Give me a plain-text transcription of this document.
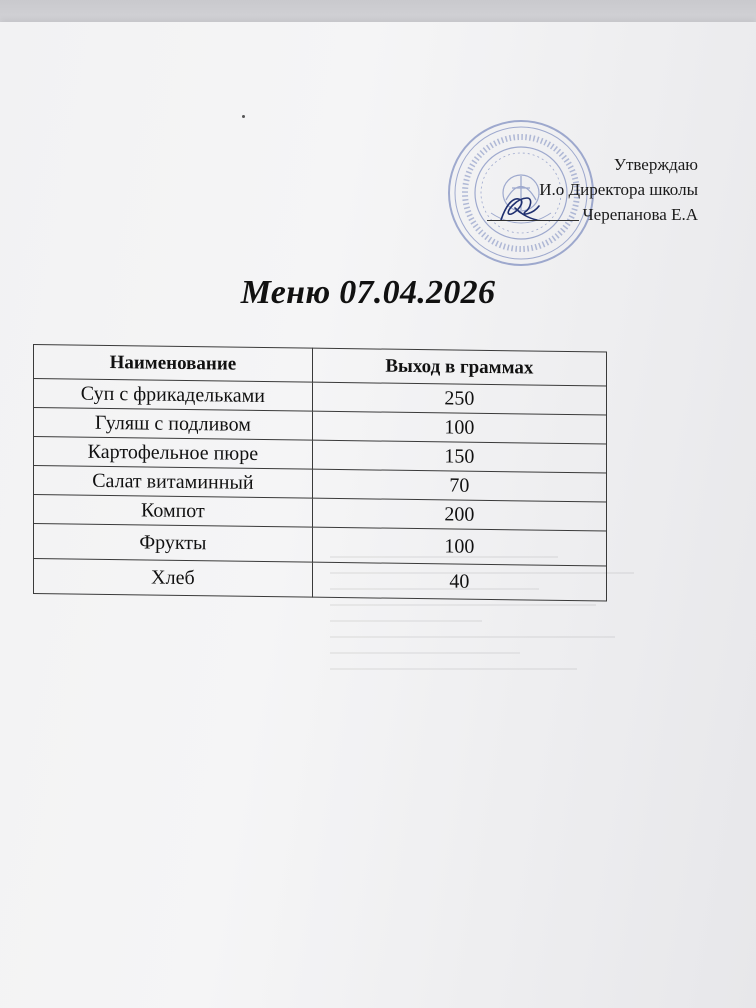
Утверждаю
И.о Директора школы
Черепанова Е.А
Меню 07.04.2026
Наименование	Выход в граммах
Суп с фрикадельками	250
Гуляш с подливом	100
Картофельное пюре	150
Салат витаминный	70
Компот	200
Фрукты	100
Хлеб	40
